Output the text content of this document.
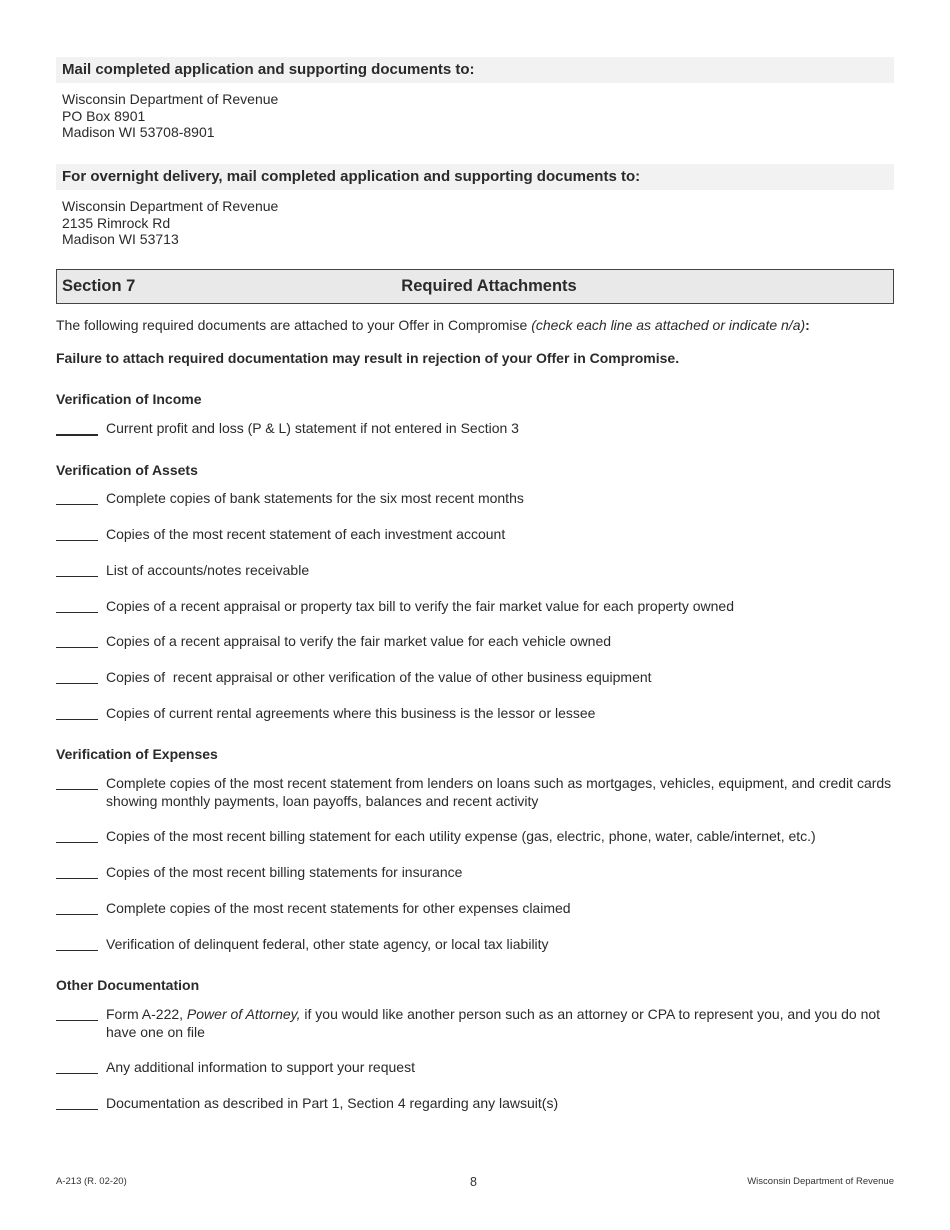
Mail completed application and supporting documents to:
Wisconsin Department of Revenue
PO Box 8901
Madison WI 53708-8901
For overnight delivery, mail completed application and supporting documents to:
Wisconsin Department of Revenue
2135 Rimrock Rd
Madison WI 53713
Section 7	Required Attachments
The following required documents are attached to your Offer in Compromise (check each line as attached or indicate n/a):
Failure to attach required documentation may result in rejection of your Offer in Compromise.
Verification of Income
Current profit and loss (P & L) statement if not entered in Section 3
Verification of Assets
Complete copies of bank statements for the six most recent months
Copies of the most recent statement of each investment account
List of accounts/notes receivable
Copies of a recent appraisal or property tax bill to verify the fair market value for each property owned
Copies of a recent appraisal to verify the fair market value for each vehicle owned
Copies of  recent appraisal or other verification of the value of other business equipment
Copies of current rental agreements where this business is the lessor or lessee
Verification of Expenses
Complete copies of the most recent statement from lenders on loans such as mortgages, vehicles, equipment, and credit cards showing monthly payments, loan payoffs, balances and recent activity
Copies of the most recent billing statement for each utility expense (gas, electric, phone, water, cable/internet, etc.)
Copies of the most recent billing statements for insurance
Complete copies of the most recent statements for other expenses claimed
Verification of delinquent federal, other state agency, or local tax liability
Other Documentation
Form A-222, Power of Attorney, if you would like another person such as an attorney or CPA to represent you, and you do not have one on file
Any additional information to support your request
Documentation as described in Part 1, Section 4 regarding any lawsuit(s)
A-213 (R. 02-20)	8	Wisconsin Department of Revenue
